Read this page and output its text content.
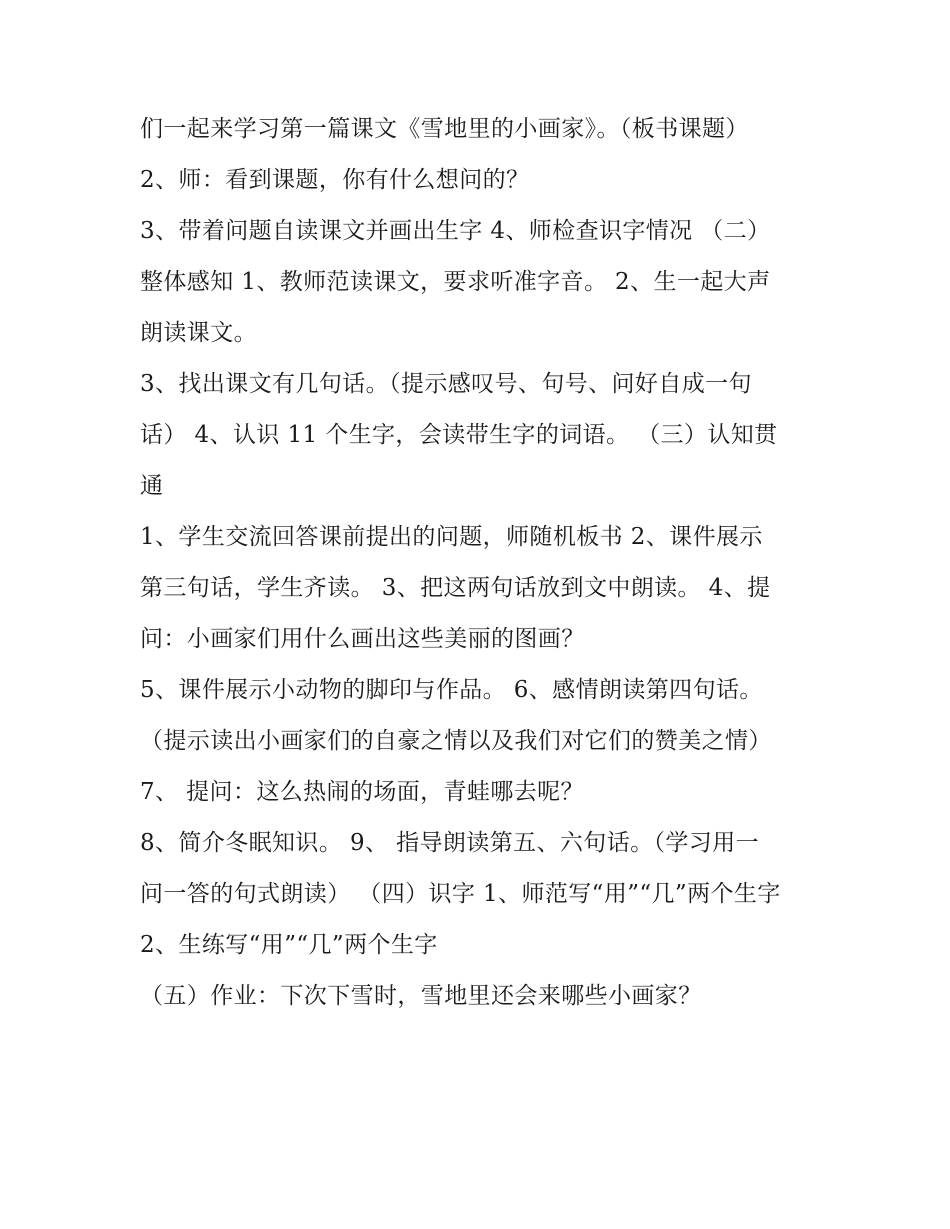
们一起来学习第一篇课文《雪地里的小画家》。（板书课题）
2、师：看到课题，你有什么想问的？
3、带着问题自读课文并画出生字 4、师检查识字情况 （二）
整体感知 1、教师范读课文，要求听准字音。 2、生一起大声
朗读课文。
3、找出课文有几句话。（提示感叹号、句号、问好自成一句
话） 4、认识 11 个生字，会读带生字的词语。 （三）认知贯
通
1、学生交流回答课前提出的问题，师随机板书 2、课件展示
第三句话，学生齐读。 3、把这两句话放到文中朗读。 4、提
问：小画家们用什么画出这些美丽的图画？
5、课件展示小动物的脚印与作品。 6、感情朗读第四句话。
（提示读出小画家们的自豪之情以及我们对它们的赞美之情）
7、 提问：这么热闹的场面，青蛙哪去呢？
8、简介冬眠知识。 9、 指导朗读第五、六句话。（学习用一
问一答的句式朗读） （四）识字 1、师范写“用”“几”两个生字
2、生练写“用”“几”两个生字
（五）作业：下次下雪时，雪地里还会来哪些小画家？
